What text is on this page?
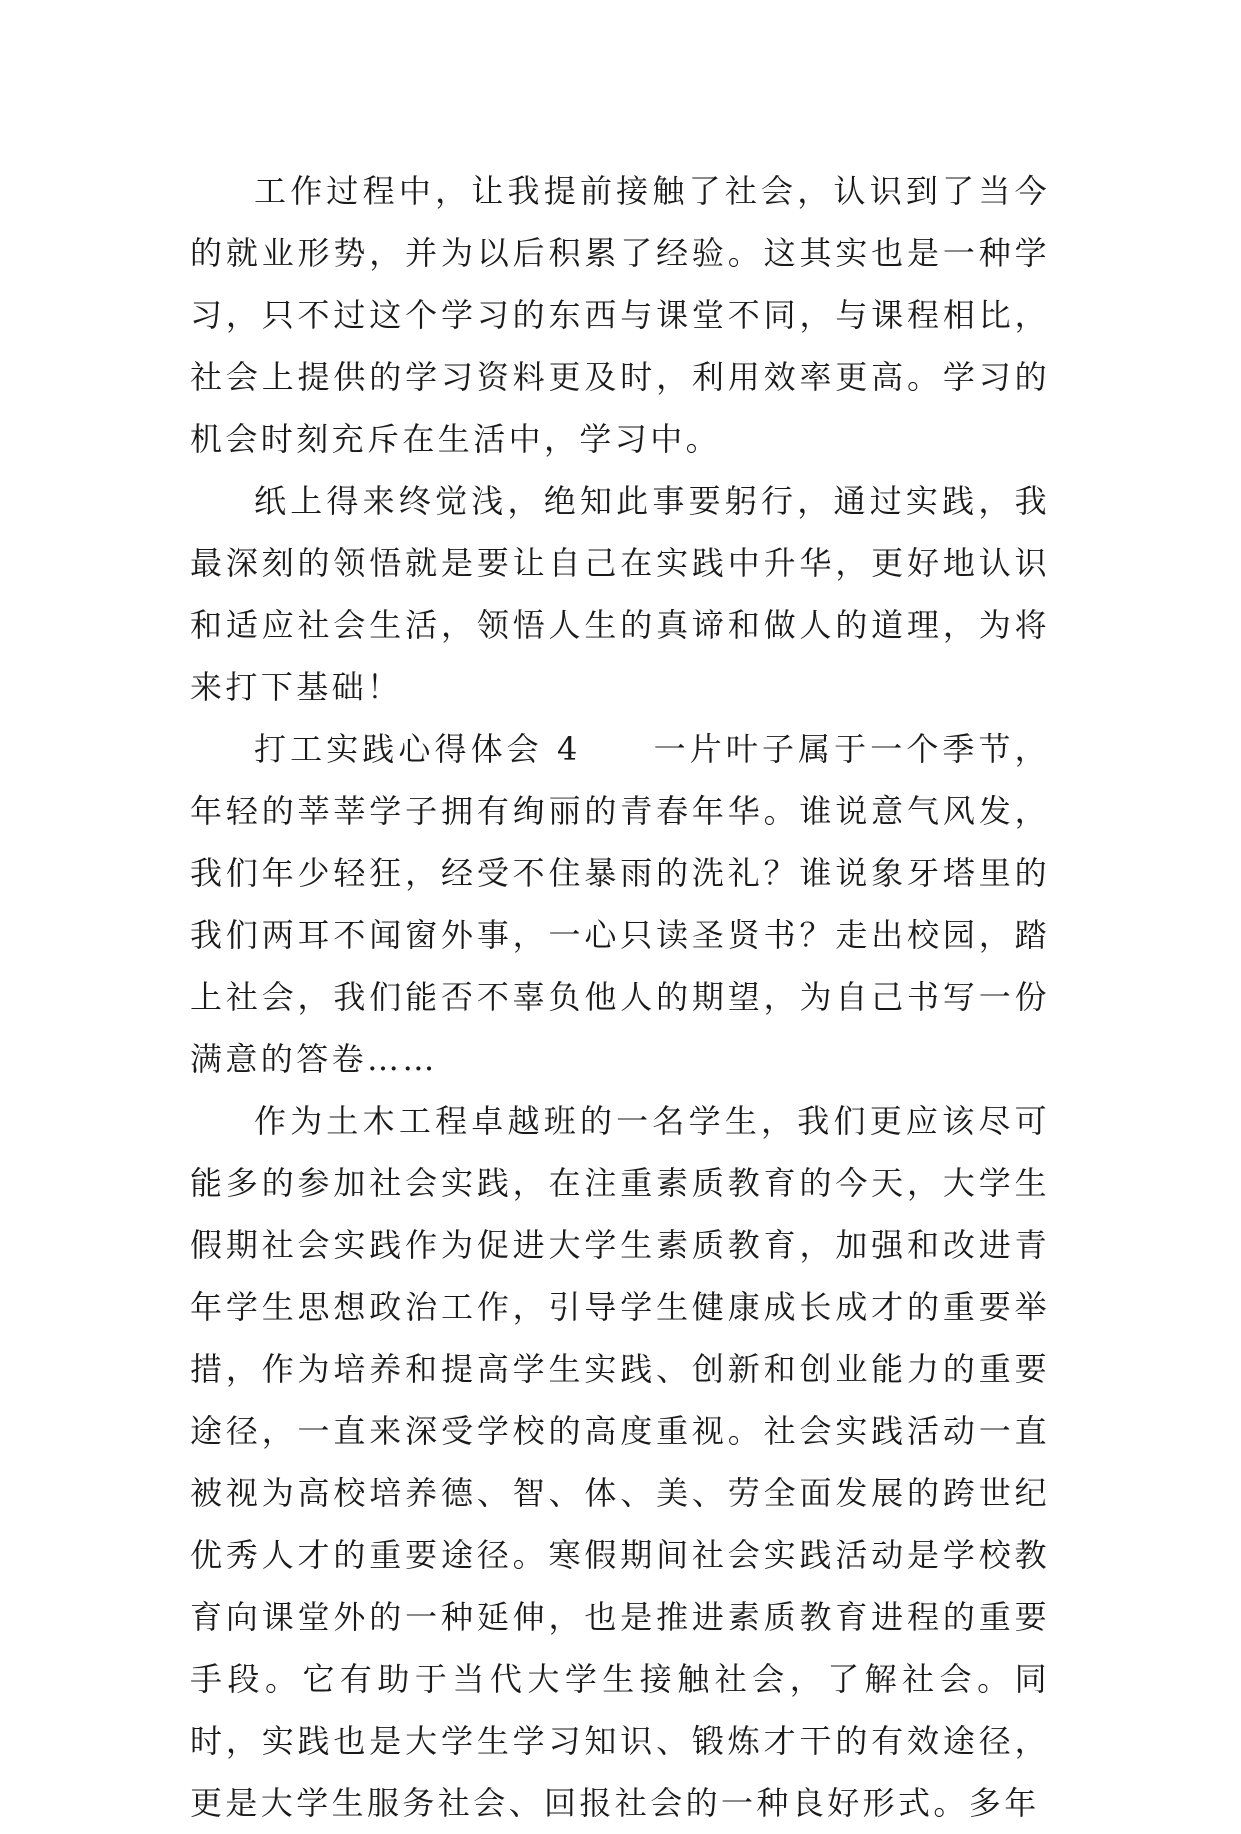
工作过程中，让我提前接触了社会，认识到了当今的就业形势，并为以后积累了经验。这其实也是一种学习，只不过这个学习的东西与课堂不同，与课程相比，社会上提供的学习资料更及时，利用效率更高。学习的机会时刻充斥在生活中，学习中。

纸上得来终觉浅，绝知此事要躬行，通过实践，我最深刻的领悟就是要让自己在实践中升华，更好地认识和适应社会生活，领悟人生的真谛和做人的道理，为将来打下基础！

打工实践心得体会 4　　一片叶子属于一个季节，年轻的莘莘学子拥有绚丽的青春年华。谁说意气风发，我们年少轻狂，经受不住暴雨的洗礼？谁说象牙塔里的我们两耳不闻窗外事，一心只读圣贤书？走出校园，踏上社会，我们能否不辜负他人的期望，为自己书写一份满意的答卷……

作为土木工程卓越班的一名学生，我们更应该尽可能多的参加社会实践，在注重素质教育的今天，大学生假期社会实践作为促进大学生素质教育，加强和改进青年学生思想政治工作，引导学生健康成长成才的重要举措，作为培养和提高学生实践、创新和创业能力的重要途径，一直来深受学校的高度重视。社会实践活动一直被视为高校培养德、智、体、美、劳全面发展的跨世纪优秀人才的重要途径。寒假期间社会实践活动是学校教育向课堂外的一种延伸，也是推进素质教育进程的重要手段。它有助于当代大学生接触社会，了解社会。同时，实践也是大学生学习知识、锻炼才干的有效途径，更是大学生服务社会、回报社会的一种良好形式。多年
